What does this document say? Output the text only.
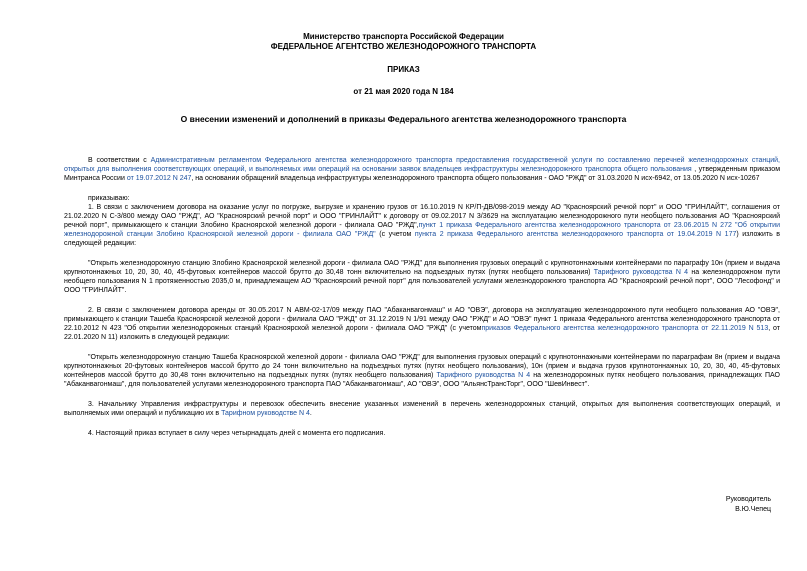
Министерство транспорта Российской Федерации
ФЕДЕРАЛЬНОЕ АГЕНТСТВО ЖЕЛЕЗНОДОРОЖНОГО ТРАНСПОРТА
ПРИКАЗ
от 21 мая 2020 года N 184
О внесении изменений и дополнений в приказы Федерального агентства железнодорожного транспорта

В соответствии с Административным регламентом Федерального агентства железнодорожного транспорта предоставления государственной услуги по составлению перечней железнодорожных станций, открытых для выполнения соответствующих операций, и выполняемых ими операций на основании заявок владельцев инфраструктуры железнодорожного транспорта общего пользования , утвержденным приказом Минтранса России от 19.07.2012 N 247, на основании обращений владельца инфраструктуры железнодорожного транспорта общего пользования - ОАО "РЖД" от 31.03.2020 N исх-6942, от 13.05.2020 N исх-10267

приказываю:

1. В связи с заключением договора на оказание услуг по погрузке, выгрузке и хранению грузов от 16.10.2019 N КР/П-ДВ/098-2019 между АО "Красноярский речной порт" и ООО "ГРИНЛАЙТ", соглашения от 21.02.2020 N С-3/800 между ОАО "РЖД", АО "Красноярский речной порт" и ООО "ГРИНЛАЙТ" к договору от 09.02.2017 N 3/3629 на эксплуатацию железнодорожного пути необщего пользования АО "Красноярский речной порт", примыкающего к станции Злобино Красноярской железной дороги - филиала ОАО "РЖД",пункт 1 приказа Федерального агентства железнодорожного транспорта от 23.06.2015 N 272 "Об открытии железнодорожной станции Злобино Красноярской железной дороги - филиала ОАО "РЖД" (с учетом пункта 2 приказа Федерального агентства железнодорожного транспорта от 19.04.2019 N 177) изложить в следующей редакции:

"Открыть железнодорожную станцию Злобино Красноярской железной дороги - филиала ОАО "РЖД" для выполнения грузовых операций с крупнотоннажными контейнерами по параграфу 10н (прием и выдача крупнотоннажных 10, 20, 30, 40, 45-футовых контейнеров массой брутто до 30,48 тонн включительно на подъездных путях (путях необщего пользования) Тарифного руководства N 4 на железнодорожном пути необщего пользования N 1 протяженностью 2035,0 м, принадлежащем АО "Красноярский речной порт" для пользователей услугами железнодорожного транспорта АО "Красноярский речной порт", ООО "Лесофонд" и ООО "ГРИНЛАЙТ".

2. В связи с заключением договора аренды от 30.05.2017 N АВМ-02-17/09 между ПАО "Абаканвагонмаш" и АО "ОВЭ", договора на эксплуатацию железнодорожного пути необщего пользования АО "ОВЭ", примыкающего к станции Ташеба Красноярской железной дороги - филиала ОАО "РЖД" от 31.12.2019 N 1/91 между ОАО "РЖД" и АО "ОВЭ" пункт 1 приказа Федерального агентства железнодорожного транспорта от 22.10.2012 N 423 "Об открытии железнодорожных станций Красноярской железной дороги - филиала ОАО "РЖД" (с учетомприказов Федерального агентства железнодорожного транспорта от 22.11.2019 N 513, от 22.01.2020 N 11) изложить в следующей редакции:

"Открыть железнодорожную станцию Ташеба Красноярской железной дороги - филиала ОАО "РЖД" для выполнения грузовых операций с крупнотоннажными контейнерами по параграфам 8н (прием и выдача крупнотоннажных 20-футовых контейнеров массой брутто до 24 тонн включительно на подъездных путях (путях необщего пользования), 10н (прием и выдача грузов крупнотоннажных 10, 20, 30, 40, 45-футовых контейнеров массой брутто до 30,48 тонн включительно на подъездных путях (путях необщего пользования) Тарифного руководства N 4 на железнодорожных путях необщего пользования, принадлежащих ПАО "Абаканвагонмаш", для пользователей услугами железнодорожного транспорта ПАО "Абаканвагонмаш", АО "ОВЭ", ООО "АльянсТрансТорг", ООО "ШевИнвест".

3. Начальнику Управления инфраструктуры и перевозок обеспечить внесение указанных изменений в перечень железнодорожных станций, открытых для выполнения соответствующих операций, и выполняемых ими операций и публикацию их в Тарифном руководстве N 4.

4. Настоящий приказ вступает в силу через четырнадцать дней с момента его подписания.

Руководитель
В.Ю.Чепец
